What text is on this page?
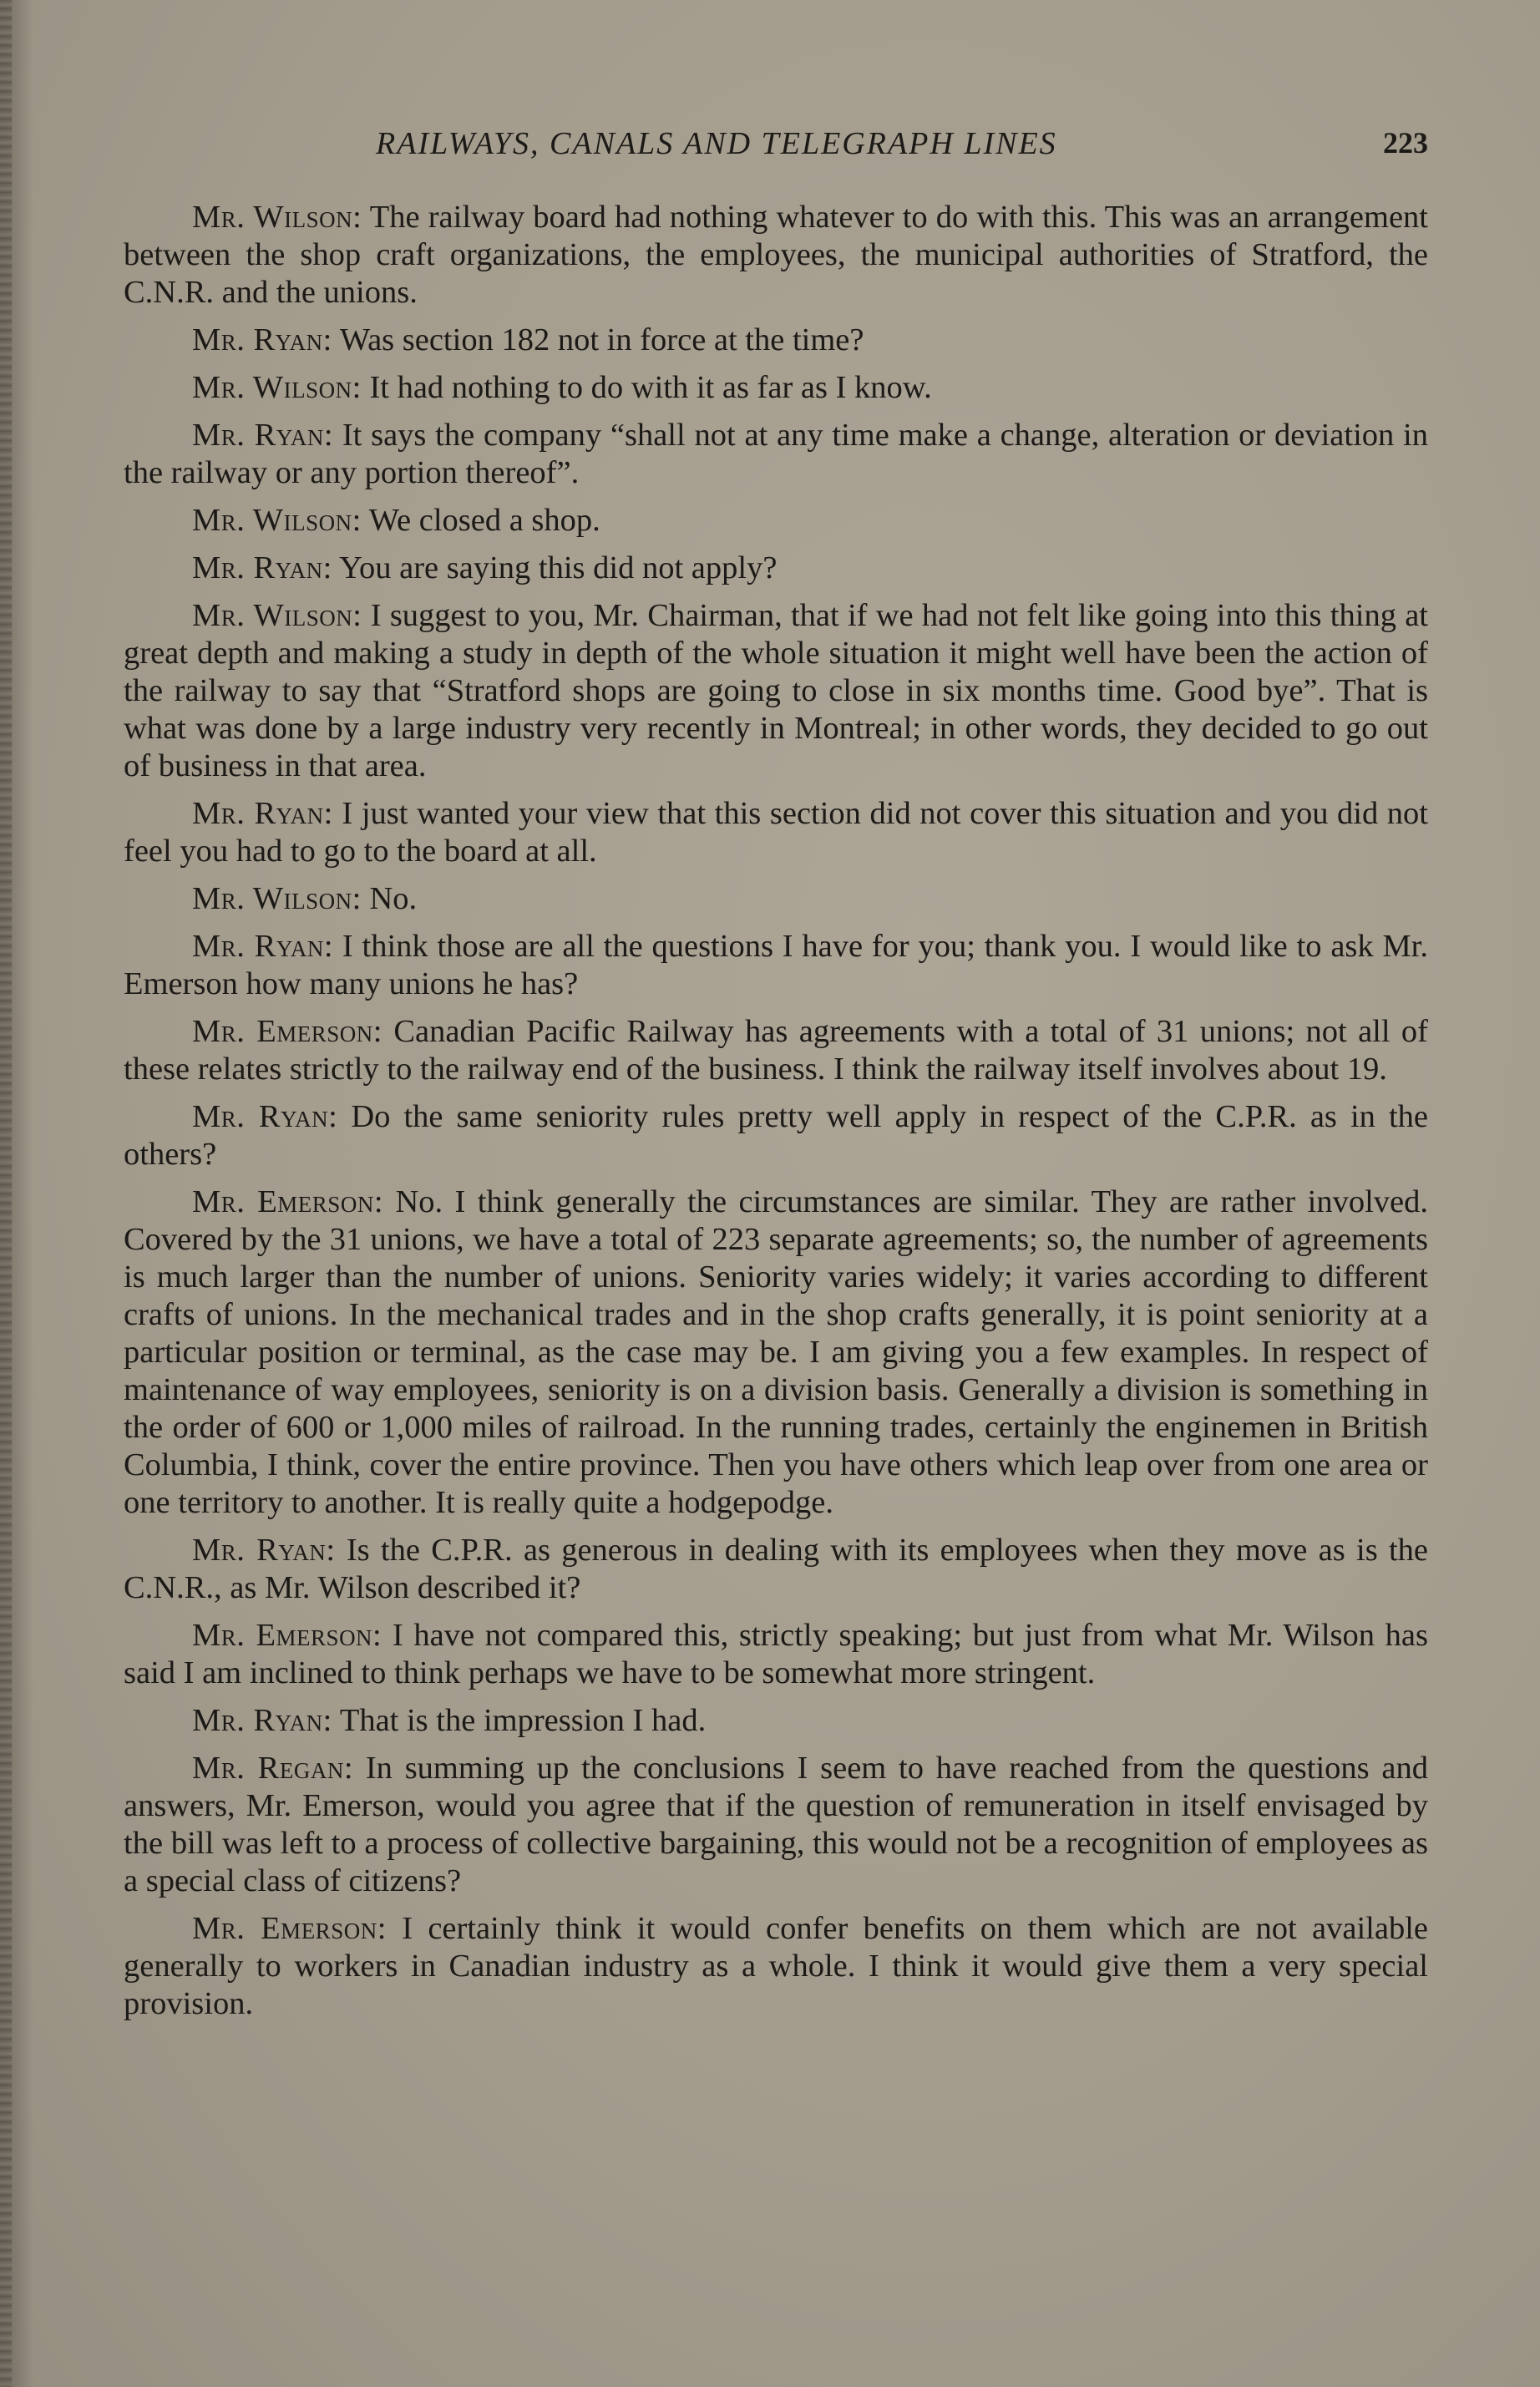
RAILWAYS, CANALS AND TELEGRAPH LINES	223

Mr. Wilson: The railway board had nothing whatever to do with this. This was an arrangement between the shop craft organizations, the employees, the municipal authorities of Stratford, the C.N.R. and the unions.

Mr. Ryan: Was section 182 not in force at the time?

Mr. Wilson: It had nothing to do with it as far as I know.

Mr. Ryan: It says the company “shall not at any time make a change, alteration or deviation in the railway or any portion thereof”.

Mr. Wilson: We closed a shop.

Mr. Ryan: You are saying this did not apply?

Mr. Wilson: I suggest to you, Mr. Chairman, that if we had not felt like going into this thing at great depth and making a study in depth of the whole situation it might well have been the action of the railway to say that “Stratford shops are going to close in six months time. Good bye”. That is what was done by a large industry very recently in Montreal; in other words, they decided to go out of business in that area.

Mr. Ryan: I just wanted your view that this section did not cover this situation and you did not feel you had to go to the board at all.

Mr. Wilson: No.

Mr. Ryan: I think those are all the questions I have for you; thank you. I would like to ask Mr. Emerson how many unions he has?

Mr. Emerson: Canadian Pacific Railway has agreements with a total of 31 unions; not all of these relates strictly to the railway end of the business. I think the railway itself involves about 19.

Mr. Ryan: Do the same seniority rules pretty well apply in respect of the C.P.R. as in the others?

Mr. Emerson: No. I think generally the circumstances are similar. They are rather involved. Covered by the 31 unions, we have a total of 223 separate agreements; so, the number of agreements is much larger than the number of unions. Seniority varies widely; it varies according to different crafts of unions. In the mechanical trades and in the shop crafts generally, it is point seniority at a particular position or terminal, as the case may be. I am giving you a few examples. In respect of maintenance of way employees, seniority is on a division basis. Generally a division is something in the order of 600 or 1,000 miles of railroad. In the running trades, certainly the enginemen in British Columbia, I think, cover the entire province. Then you have others which leap over from one area or one territory to another. It is really quite a hodgepodge.

Mr. Ryan: Is the C.P.R. as generous in dealing with its employees when they move as is the C.N.R., as Mr. Wilson described it?

Mr. Emerson: I have not compared this, strictly speaking; but just from what Mr. Wilson has said I am inclined to think perhaps we have to be somewhat more stringent.

Mr. Ryan: That is the impression I had.

Mr. Regan: In summing up the conclusions I seem to have reached from the questions and answers, Mr. Emerson, would you agree that if the question of remuneration in itself envisaged by the bill was left to a process of collective bargaining, this would not be a recognition of employees as a special class of citizens?

Mr. Emerson: I certainly think it would confer benefits on them which are not available generally to workers in Canadian industry as a whole. I think it would give them a very special provision.
